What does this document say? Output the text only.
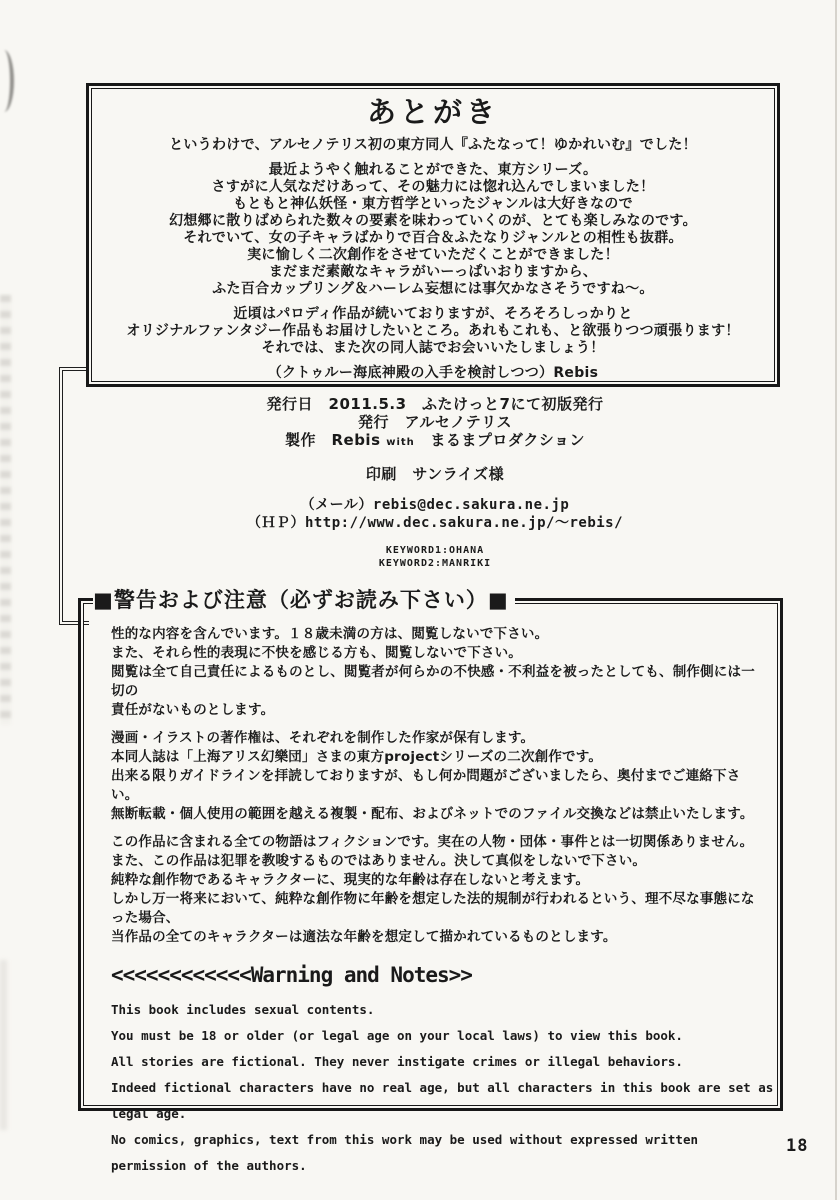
あとがき
というわけで、アルセノテリス初の東方同人『ふたなって！ゆかれいむ』でした！
最近ようやく触れることができた、東方シリーズ。
さすがに人気なだけあって、その魅力には惚れ込んでしまいました！
もともと神仏妖怪・東方哲学といったジャンルは大好きなので
幻想郷に散りばめられた数々の要素を味わっていくのが、とても楽しみなのです。
それでいて、女の子キャラばかりで百合＆ふたなりジャンルとの相性も抜群。
実に愉しく二次創作をさせていただくことができました！
まだまだ素敵なキャラがいーっぱいおりますから、
ふた百合カップリング＆ハーレム妄想には事欠かなさそうですね～。
近頃はパロディ作品が続いておりますが、そろそろしっかりと
オリジナルファンタジー作品もお届けしたいところ。あれもこれも、と欲張りつつ頑張ります！
それでは、また次の同人誌でお会いいたしましょう！
（クトゥルー海底神殿の入手を検討しつつ）Rebis
発行日　2011.5.3　ふたけっと7にて初版発行
発行　アルセノテリス
製作　Rebis with　まるまプロダクション
印刷　サンライズ様
（メール）rebis@dec.sakura.ne.jp
（ＨＰ）http://www.dec.sakura.ne.jp/～rebis/
KEYWORD1:OHANA
KEYWORD2:MANRIKI
■警告および注意（必ずお読み下さい）■
性的な内容を含んでいます。１８歳未満の方は、閲覧しないで下さい。
また、それら性的表現に不快を感じる方も、閲覧しないで下さい。
閲覧は全て自己責任によるものとし、閲覧者が何らかの不快感・不利益を被ったとしても、制作側には一切の
責任がないものとします。
漫画・イラストの著作権は、それぞれを制作した作家が保有します。
本同人誌は「上海アリス幻樂団」さまの東方projectシリーズの二次創作です。
出来る限りガイドラインを拝読しておりますが、もし何か問題がございましたら、奥付までご連絡下さい。
無断転載・個人使用の範囲を越える複製・配布、およびネットでのファイル交換などは禁止いたします。
この作品に含まれる全ての物語はフィクションです。実在の人物・団体・事件とは一切関係ありません。
また、この作品は犯罪を教唆するものではありません。決して真似をしないで下さい。
純粋な創作物であるキャラクターに、現実的な年齢は存在しないと考えます。
しかし万一将来において、純粋な創作物に年齢を想定した法的規制が行われるという、理不尽な事態になった場合、
当作品の全てのキャラクターは適法な年齢を想定して描かれているものとします。
<<<<<<<<<<<<Warning and Notes>>
This book includes sexual contents.
You must be 18 or older (or legal age on your local laws) to view this book.
All stories are fictional. They never instigate crimes or illegal behaviors.
Indeed fictional characters have no real age, but all characters in this book are set as legal age.
No comics, graphics, text from this work may be used without expressed written permission of the authors.
18
